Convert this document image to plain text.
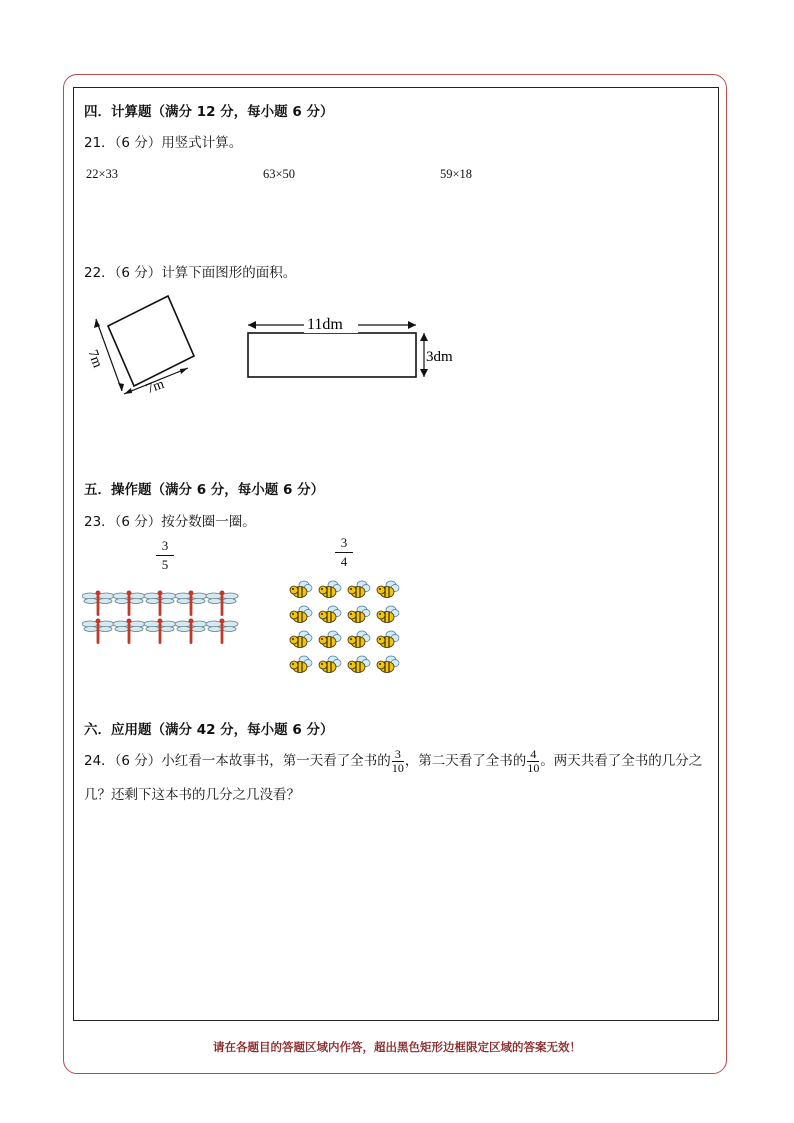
四．计算题（满分 12 分，每小题 6 分）
21．（6 分）用竖式计算。
22×33	63×50	59×18
22．（6 分）计算下面图形的面积。
7m
7m
11dm
3dm
五．操作题（满分 6 分，每小题 6 分）
23．（6 分）按分数圈一圈。
3
5
3
4
六．应用题（满分 42 分，每小题 6 分）
24．（6 分）小红看一本故事书，第一天看了全书的 $\frac{3}{10}$ ，第二天看了全书的 $\frac{4}{10}$ 。两天共看了全书的几分之几？还剩下这本书的几分之几没看？
请在各题目的答题区域内作答，超出黑色矩形边框限定区域的答案无效！
